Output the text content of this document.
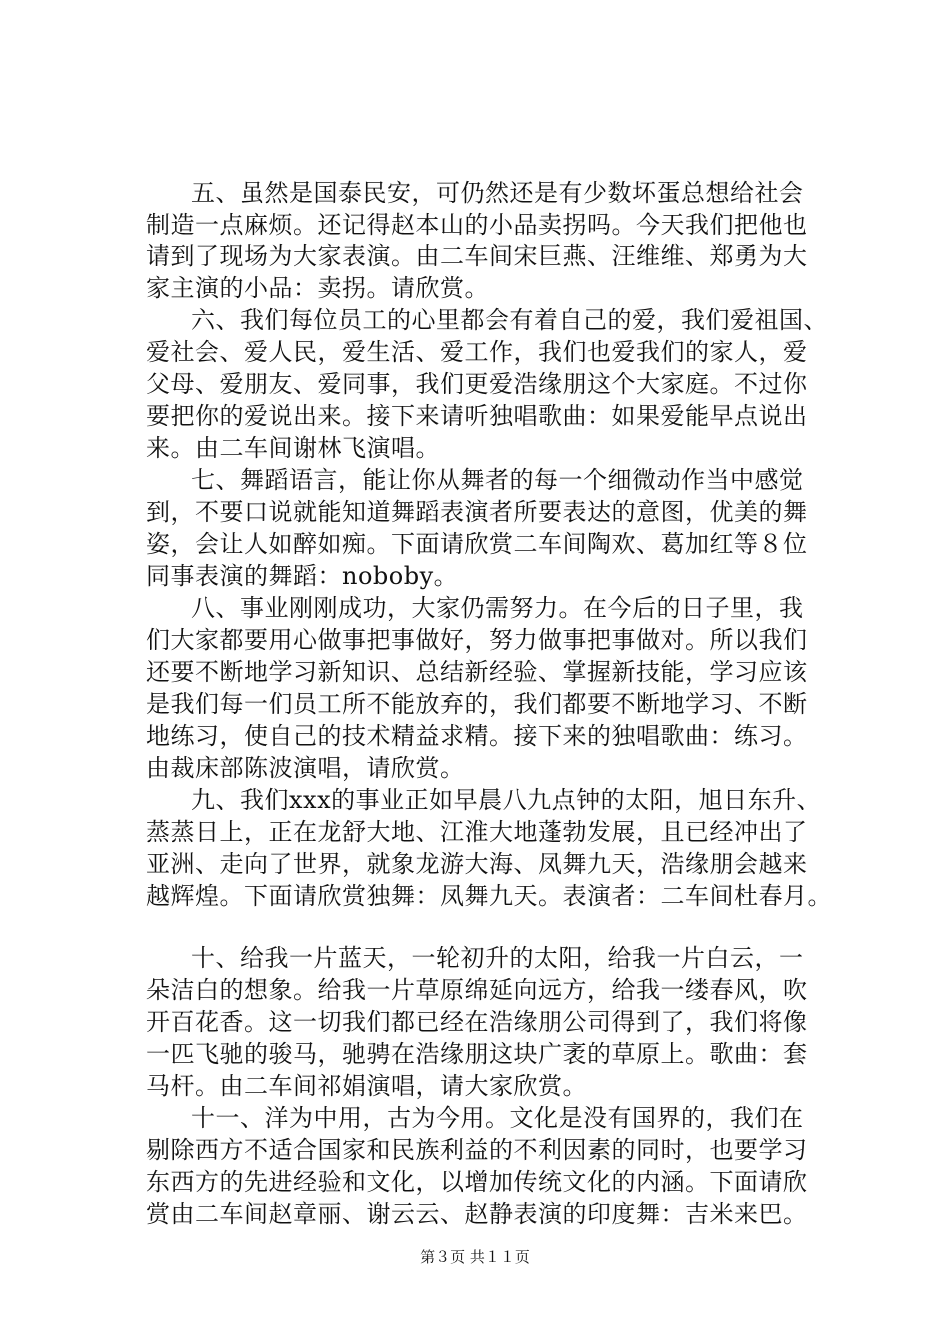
五、虽然是国泰民安，可仍然还是有少数坏蛋总想给社会
制造一点麻烦。还记得赵本山的小品卖拐吗。今天我们把他也
请到了现场为大家表演。由二车间宋巨燕、汪维维、郑勇为大
家主演的小品：卖拐。请欣赏。
六、我们每位员工的心里都会有着自己的爱，我们爱祖国、
爱社会、爱人民，爱生活、爱工作，我们也爱我们的家人，爱
父母、爱朋友、爱同事，我们更爱浩缘朋这个大家庭。不过你
要把你的爱说出来。接下来请听独唱歌曲：如果爱能早点说出
来。由二车间谢林飞演唱。
七、舞蹈语言，能让你从舞者的每一个细微动作当中感觉
到，不要口说就能知道舞蹈表演者所要表达的意图，优美的舞
姿，会让人如醉如痴。下面请欣赏二车间陶欢、葛加红等８位
同事表演的舞蹈：noboby。
八、事业刚刚成功，大家仍需努力。在今后的日子里，我
们大家都要用心做事把事做好，努力做事把事做对。所以我们
还要不断地学习新知识、总结新经验、掌握新技能，学习应该
是我们每一们员工所不能放弃的，我们都要不断地学习、不断
地练习，使自己的技术精益求精。接下来的独唱歌曲：练习。
由裁床部陈波演唱，请欣赏。
九、我们xxx的事业正如早晨八九点钟的太阳，旭日东升、
蒸蒸日上，正在龙舒大地、江淮大地蓬勃发展，且已经冲出了
亚洲、走向了世界，就象龙游大海、凤舞九天，浩缘朋会越来
越辉煌。下面请欣赏独舞：凤舞九天。表演者：二车间杜春月。
十、给我一片蓝天，一轮初升的太阳，给我一片白云，一
朵洁白的想象。给我一片草原绵延向远方，给我一缕春风，吹
开百花香。这一切我们都已经在浩缘朋公司得到了，我们将像
一匹飞驰的骏马，驰骋在浩缘朋这块广袤的草原上。歌曲：套
马杆。由二车间祁娟演唱，请大家欣赏。
十一、洋为中用，古为今用。文化是没有国界的，我们在
剔除西方不适合国家和民族利益的不利因素的同时，也要学习
东西方的先进经验和文化，以增加传统文化的内涵。下面请欣
赏由二车间赵章丽、谢云云、赵静表演的印度舞：吉米来巴。
第３页 共１１页
